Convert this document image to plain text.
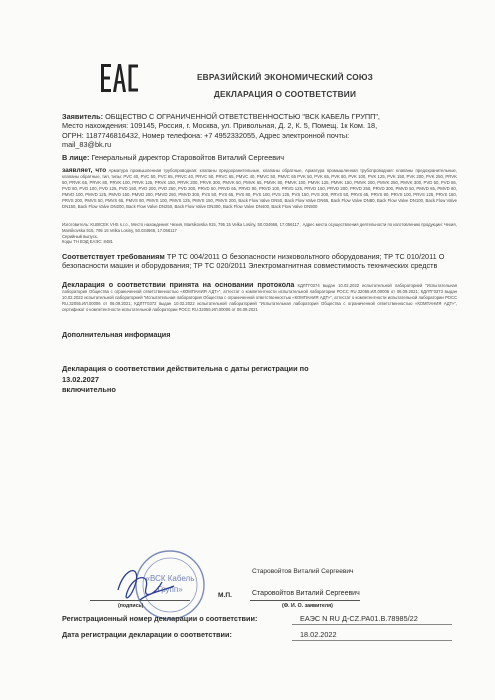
ЕВРАЗИЙСКИЙ ЭКОНОМИЧЕСКИЙ СОЮЗ
ДЕКЛАРАЦИЯ О СООТВЕТСТВИИ
Заявитель: ОБЩЕСТВО С ОГРАНИЧЕННОЙ ОТВЕТСТВЕННОСТЬЮ "ВСК КАБЕЛЬ ГРУПП",
Место нахождения: 109145, Россия, г. Москва, ул. Привольная, Д. 2, К. 5, Помещ. 1к Ком. 18,
ОГРН: 1187746816432, Номер телефона: +7 4952332055, Адрес электронной почты:
mail_83@bk.ru
В лице: Генеральный директор Старовойтов Виталий Сергеевич
заявляет, что Арматура промышленная трубопроводная: клапаны предохранительные, клапаны обратные, Арматура промышленная трубопроводная: клапаны предохранительные, клапаны обратные, тип, типы: PVC 40, PVC 50, PVC 65, PRVC 40, PRVC 50, PRVC 65, PMVC 40, PMVC 50, PMVC 65 PVK 50, PVK 65, PVK 80, PVK 100, PVK 125, PVK 150, PVK 200, PVK 250, PRVK 50, PRVK 65, PRVK 80, PRVK 100, PRVK 125, PRVK 150, PRVK 200, PRVK 300, PMVK 50, PMVK 65, PMVK 80, PMVK 100, PMVK 125, PMVK 150, PMVK 200, PMVK 250, PMVK 300, PVD 50, PVD 65, PVD 80, PVD 100, PVD 125, PVD 150, PVD 200, PVD 250, PVD 300, PRVD 50, PRVD 65, PRVD 80, PRVD 100, PRVD 125, PRVD 150, PRVD 200, PRVD 250, PRVD 300, PMVD 50, PMVD 65, PMVD 80, PMVD 100, PMVD 125, PMVD 150, PMVD 200, PMVD 250, PMVD 300, PVS 50, PVS 65, PVS 80, PVS 100, PVS 125, PVS 150, PVS 200, PRVS 50, PRVS 65, PRVS 80, PRVS 100, PRVS 125, PRVS 150, PRVS 200, PMVS 50, PMVS 65, PMVS 80, PMVS 100, PMVS 125, PMVS 150, PMVS 200, Back Flow Valve DN50, Back Flow Valve DN65, Back Flow Valve DN80, Back Flow Valve DN100, Back Flow Valve DN150, Back Flow Valve DN200, Back Flow Valve DN250, Back Flow Valve DN300, Back Flow Valve DN400, Back Flow Valve DN500
Изготовитель: KUBICEK VHS s.r.o., Место нахождения: Чехия, Marsikovska 915, 795 15 Velka Losiny, 50.034666, 17.056117 , Адрес места осуществления деятельности по изготовлению продукции: Чехия, Marsikovska 915, 795 15 Velka Losiny, 50.034666, 17.056117
Серийный выпуск,
Коды ТН ВЭД ЕАЭС: 8481
Соответствует требованиям ТР ТС 004/2011 О безопасности низковольтного оборудования; ТР ТС 010/2011 О безопасности машин и оборудования; ТР ТС 020/2011 Электромагнитная совместимость технических средств
Декларация о соответствии принята на основании протокола КДЛТГ0374 выдан 10.02.2022 испытательной лабораторией "Испытательная лаборатория Общества с ограниченной ответственностью «КОМПАНИЯ АДТ»", аттестат о компетентности испытательной лаборатории РОСС RU.32055.ИЛ.00006 от 06.09.2021; КДЛТГ0373 выдан 10.02.2022 испытательной лабораторией "Испытательная лаборатория Общества с ограниченной ответственностью «КОМПАНИЯ АДТ»", аттестат о компетентности испытательной лаборатории РОСС RU.32055.ИЛ.00006 от 06.09.2021; КДЛТГ0372 выдан 10.02.2022 испытательной лабораторией "Испытательная лаборатория Общества с ограниченной ответственностью «КОМПАНИЯ АДТ»", сертификат о компетентности испытательной лаборатории РОСС RU.32055.ИЛ.00006 от 06.09.2021
Дополнительная информация
Декларация о соответствии действительна с даты регистрации по 13.02.2027
включительно
«ВСК Кабель
Групп»
М.П.
Старовойтов Виталий Сергеевич
Старовойтов Виталий Сергеевич
(подпись)	(Ф. И. О. заявителя)
Регистрационный номер декларации о соответствии:	ЕАЭС N RU Д-CZ.PA01.B.78985/22
Дата регистрации декларации о соответствии:	18.02.2022
